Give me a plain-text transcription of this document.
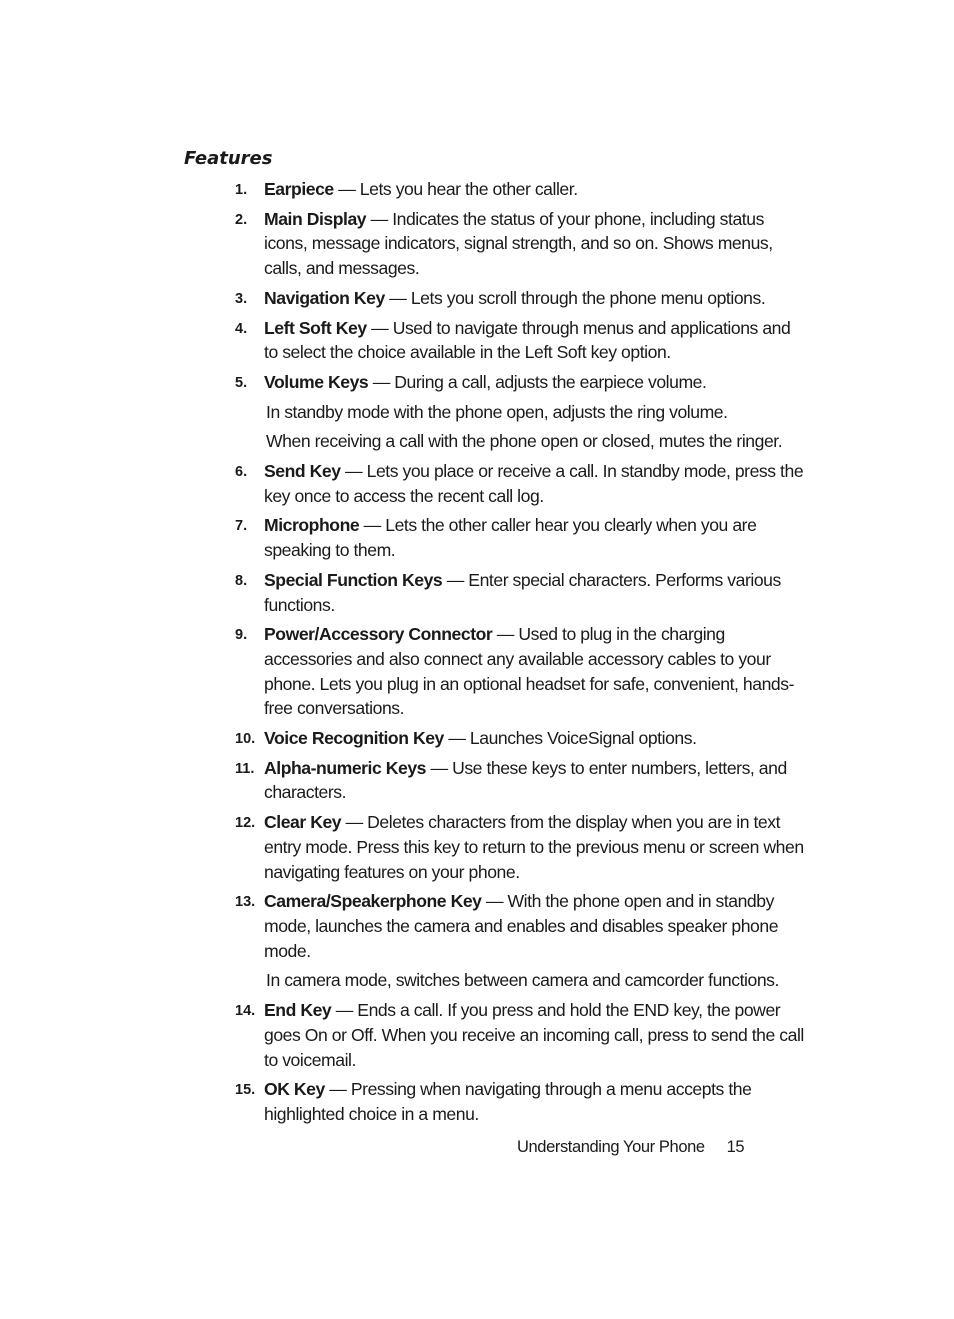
Features
1. Earpiece — Lets you hear the other caller.
2. Main Display — Indicates the status of your phone, including status icons, message indicators, signal strength, and so on. Shows menus, calls, and messages.
3. Navigation Key — Lets you scroll through the phone menu options.
4. Left Soft Key — Used to navigate through menus and applications and to select the choice available in the Left Soft key option.
5. Volume Keys — During a call, adjusts the earpiece volume.
In standby mode with the phone open, adjusts the ring volume.
When receiving a call with the phone open or closed, mutes the ringer.
6. Send Key — Lets you place or receive a call. In standby mode, press the key once to access the recent call log.
7. Microphone — Lets the other caller hear you clearly when you are speaking to them.
8. Special Function Keys — Enter special characters. Performs various functions.
9. Power/Accessory Connector — Used to plug in the charging accessories and also connect any available accessory cables to your phone. Lets you plug in an optional headset for safe, convenient, hands-free conversations.
10. Voice Recognition Key — Launches VoiceSignal options.
11. Alpha-numeric Keys — Use these keys to enter numbers, letters, and characters.
12. Clear Key — Deletes characters from the display when you are in text entry mode. Press this key to return to the previous menu or screen when navigating features on your phone.
13. Camera/Speakerphone Key — With the phone open and in standby mode, launches the camera and enables and disables speaker phone mode.
In camera mode, switches between camera and camcorder functions.
14. End Key — Ends a call. If you press and hold the END key, the power goes On or Off. When you receive an incoming call, press to send the call to voicemail.
15. OK Key — Pressing when navigating through a menu accepts the highlighted choice in a menu.
Understanding Your Phone 15
